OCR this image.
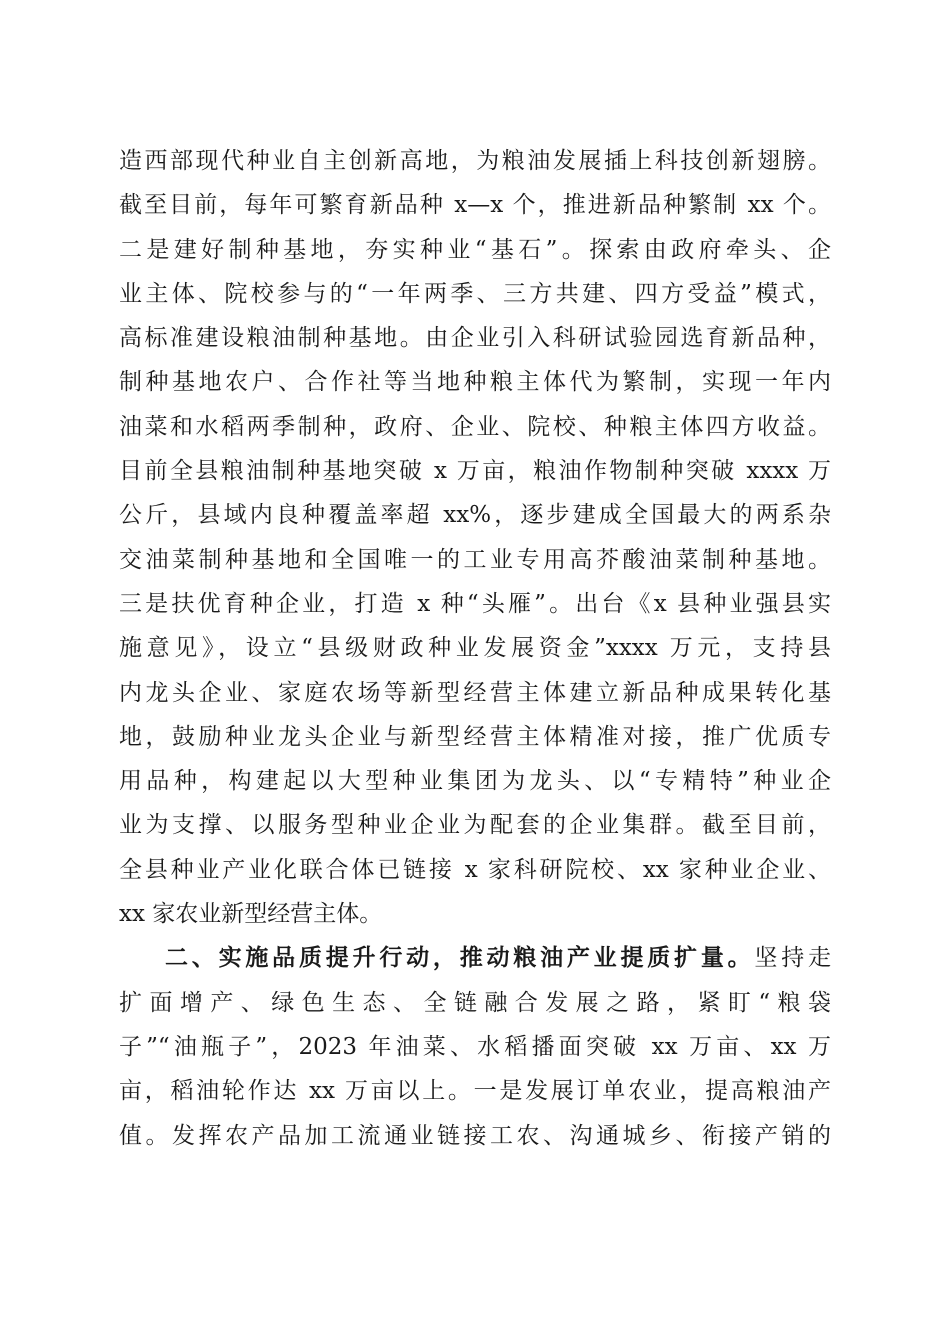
造西部现代种业自主创新高地，为粮油发展插上科技创新翅膀。
截至目前，每年可繁育新品种 x—x 个，推进新品种繁制 xx 个。
二是建好制种基地，夯实种业“基石”。探索由政府牵头、企
业主体、院校参与的“一年两季、三方共建、四方受益”模式，
高标准建设粮油制种基地。由企业引入科研试验园选育新品种，
制种基地农户、合作社等当地种粮主体代为繁制，实现一年内
油菜和水稻两季制种，政府、企业、院校、种粮主体四方收益。
目前全县粮油制种基地突破 x 万亩，粮油作物制种突破 xxxx 万
公斤，县域内良种覆盖率超 xx%，逐步建成全国最大的两系杂
交油菜制种基地和全国唯一的工业专用高芥酸油菜制种基地。
三是扶优育种企业，打造 x 种“头雁”。出台《x 县种业强县实
施意见》，设立“县级财政种业发展资金”xxxx 万元，支持县
内龙头企业、家庭农场等新型经营主体建立新品种成果转化基
地，鼓励种业龙头企业与新型经营主体精准对接，推广优质专
用品种，构建起以大型种业集团为龙头、以“专精特”种业企
业为支撑、以服务型种业企业为配套的企业集群。截至目前，
全县种业产业化联合体已链接 x 家科研院校、xx 家种业企业、
xx 家农业新型经营主体。
二、实施品质提升行动，推动粮油产业提质扩量。坚持走
扩面增产、绿色生态、全链融合发展之路，紧盯“粮袋
子”“油瓶子”，2023 年油菜、水稻播面突破 xx 万亩、xx 万
亩，稻油轮作达 xx 万亩以上。一是发展订单农业，提高粮油产
值。发挥农产品加工流通业链接工农、沟通城乡、衔接产销的
